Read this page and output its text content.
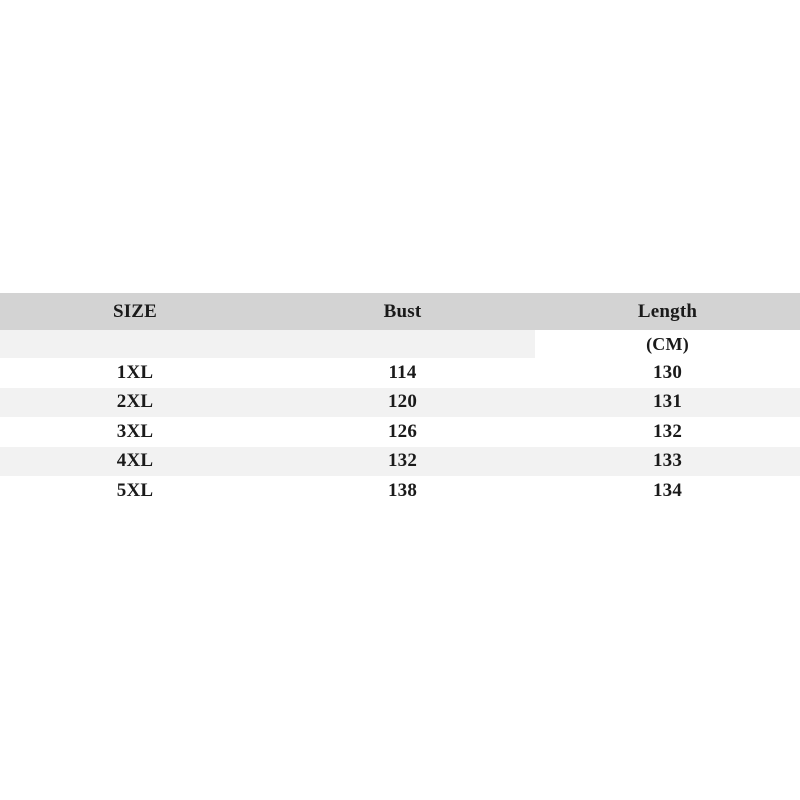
SIZE	Bust	Length
		(CM)
1XL	114	130
2XL	120	131
3XL	126	132
4XL	132	133
5XL	138	134
